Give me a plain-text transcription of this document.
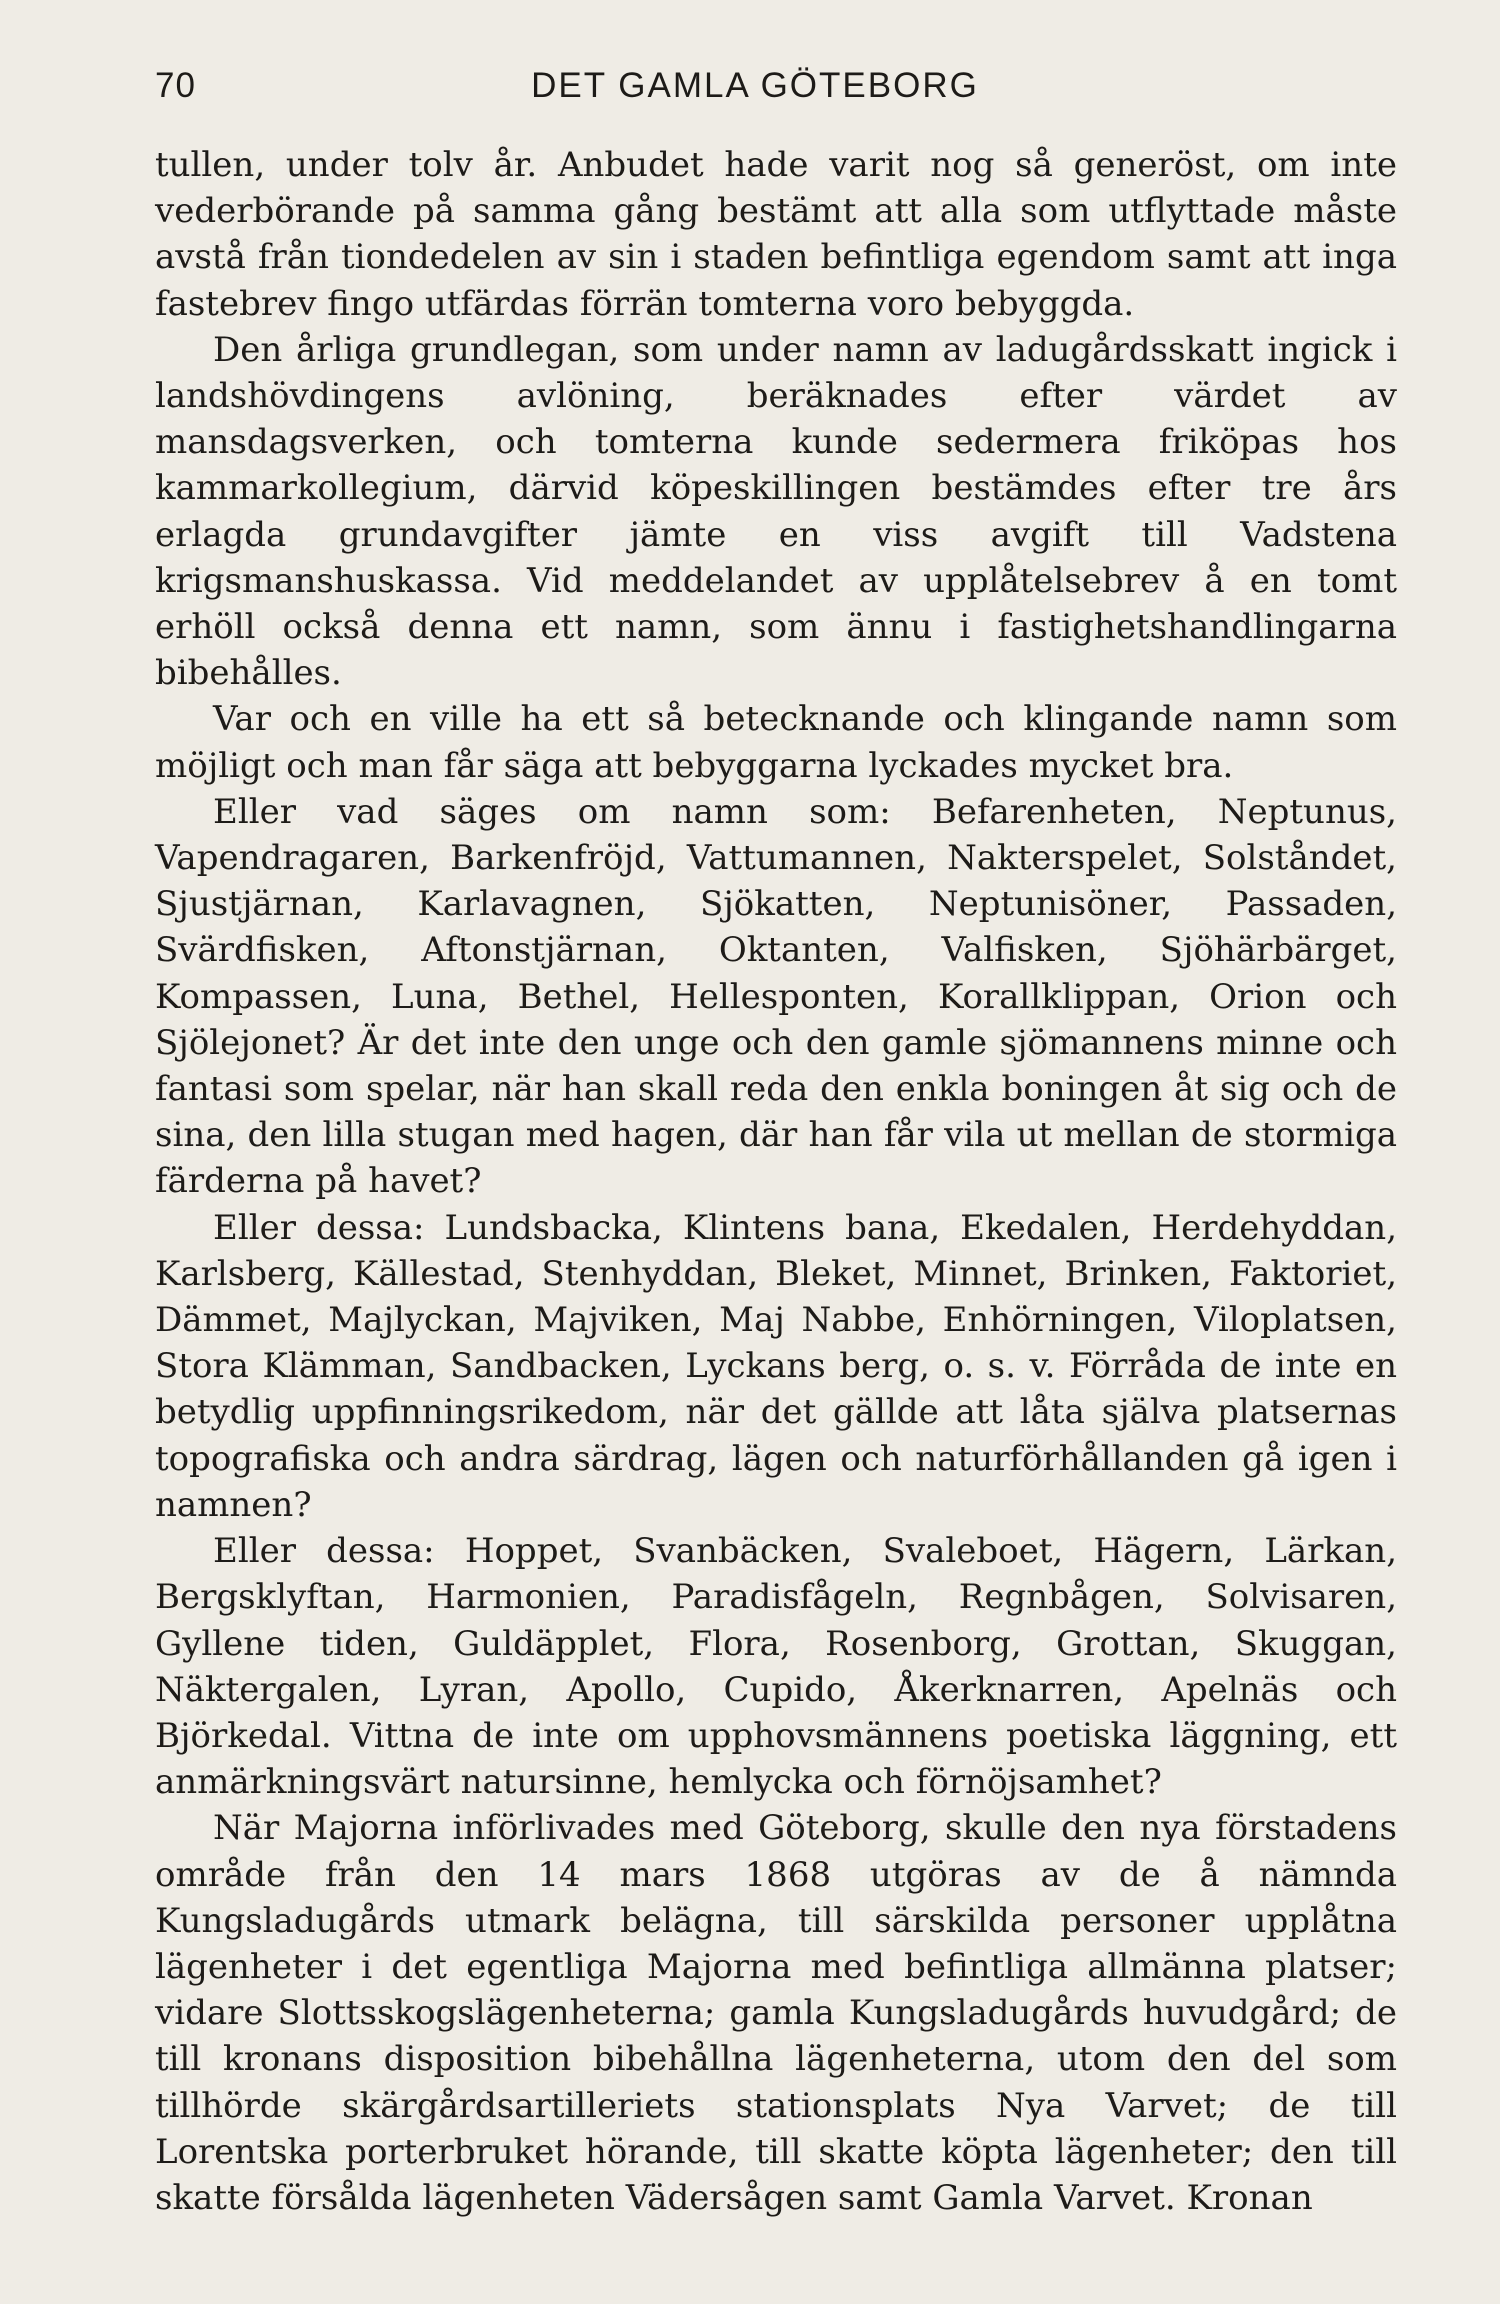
70	DET GAMLA GÖTEBORG

tullen, under tolv år. Anbudet hade varit nog så generöst, om inte vederbörande på samma gång bestämt att alla som utflyttade måste avstå från tiondedelen av sin i staden befintliga egendom samt att inga fastebrev fingo utfärdas förrän tomterna voro bebyggda.

Den årliga grundlegan, som under namn av ladugårdsskatt ingick i landshövdingens avlöning, beräknades efter värdet av mansdagsverken, och tomterna kunde sedermera friköpas hos kammarkollegium, därvid köpeskillingen bestämdes efter tre års erlagda grundavgifter jämte en viss avgift till Vadstena krigsmanshuskassa. Vid meddelandet av upplåtelsebrev å en tomt erhöll också denna ett namn, som ännu i fastighetshandlingarna bibehålles.

Var och en ville ha ett så betecknande och klingande namn som möjligt och man får säga att bebyggarna lyckades mycket bra.

Eller vad säges om namn som: Befarenheten, Neptunus, Vapendragaren, Barkenfröjd, Vattumannen, Nakterspelet, Solståndet, Sjustjärnan, Karlavagnen, Sjökatten, Neptunisöner, Passaden, Svärdfisken, Aftonstjärnan, Oktanten, Valfisken, Sjöhärbärget, Kompassen, Luna, Bethel, Hellesponten, Korallklippan, Orion och Sjölejonet? Är det inte den unge och den gamle sjömannens minne och fantasi som spelar, när han skall reda den enkla boningen åt sig och de sina, den lilla stugan med hagen, där han får vila ut mellan de stormiga färderna på havet?

Eller dessa: Lundsbacka, Klintens bana, Ekedalen, Herdehyddan, Karlsberg, Källestad, Stenhyddan, Bleket, Minnet, Brinken, Faktoriet, Dämmet, Majlyckan, Majviken, Maj Nabbe, Enhörningen, Viloplatsen, Stora Klämman, Sandbacken, Lyckans berg, o. s. v. Förråda de inte en betydlig uppfinningsrikedom, när det gällde att låta själva platsernas topografiska och andra särdrag, lägen och naturförhållanden gå igen i namnen?

Eller dessa: Hoppet, Svanbäcken, Svaleboet, Hägern, Lärkan, Bergsklyftan, Harmonien, Paradisfågeln, Regnbågen, Solvisaren, Gyllene tiden, Guldäpplet, Flora, Rosenborg, Grottan, Skuggan, Näktergalen, Lyran, Apollo, Cupido, Åkerknarren, Apelnäs och Björkedal. Vittna de inte om upphovsmännens poetiska läggning, ett anmärkningsvärt natursinne, hemlycka och förnöjsamhet?

När Majorna införlivades med Göteborg, skulle den nya förstadens område från den 14 mars 1868 utgöras av de å nämnda Kungsladugårds utmark belägna, till särskilda personer upplåtna lägenheter i det egentliga Majorna med befintliga allmänna platser; vidare Slottsskogslägenheterna; gamla Kungsladugårds huvudgård; de till kronans disposition bibehållna lägenheterna, utom den del som tillhörde skärgårdsartilleriets stationsplats Nya Varvet; de till Lorentska porterbruket hörande, till skatte köpta lägenheter; den till skatte försålda lägenheten Vädersågen samt Gamla Varvet. Kronan
